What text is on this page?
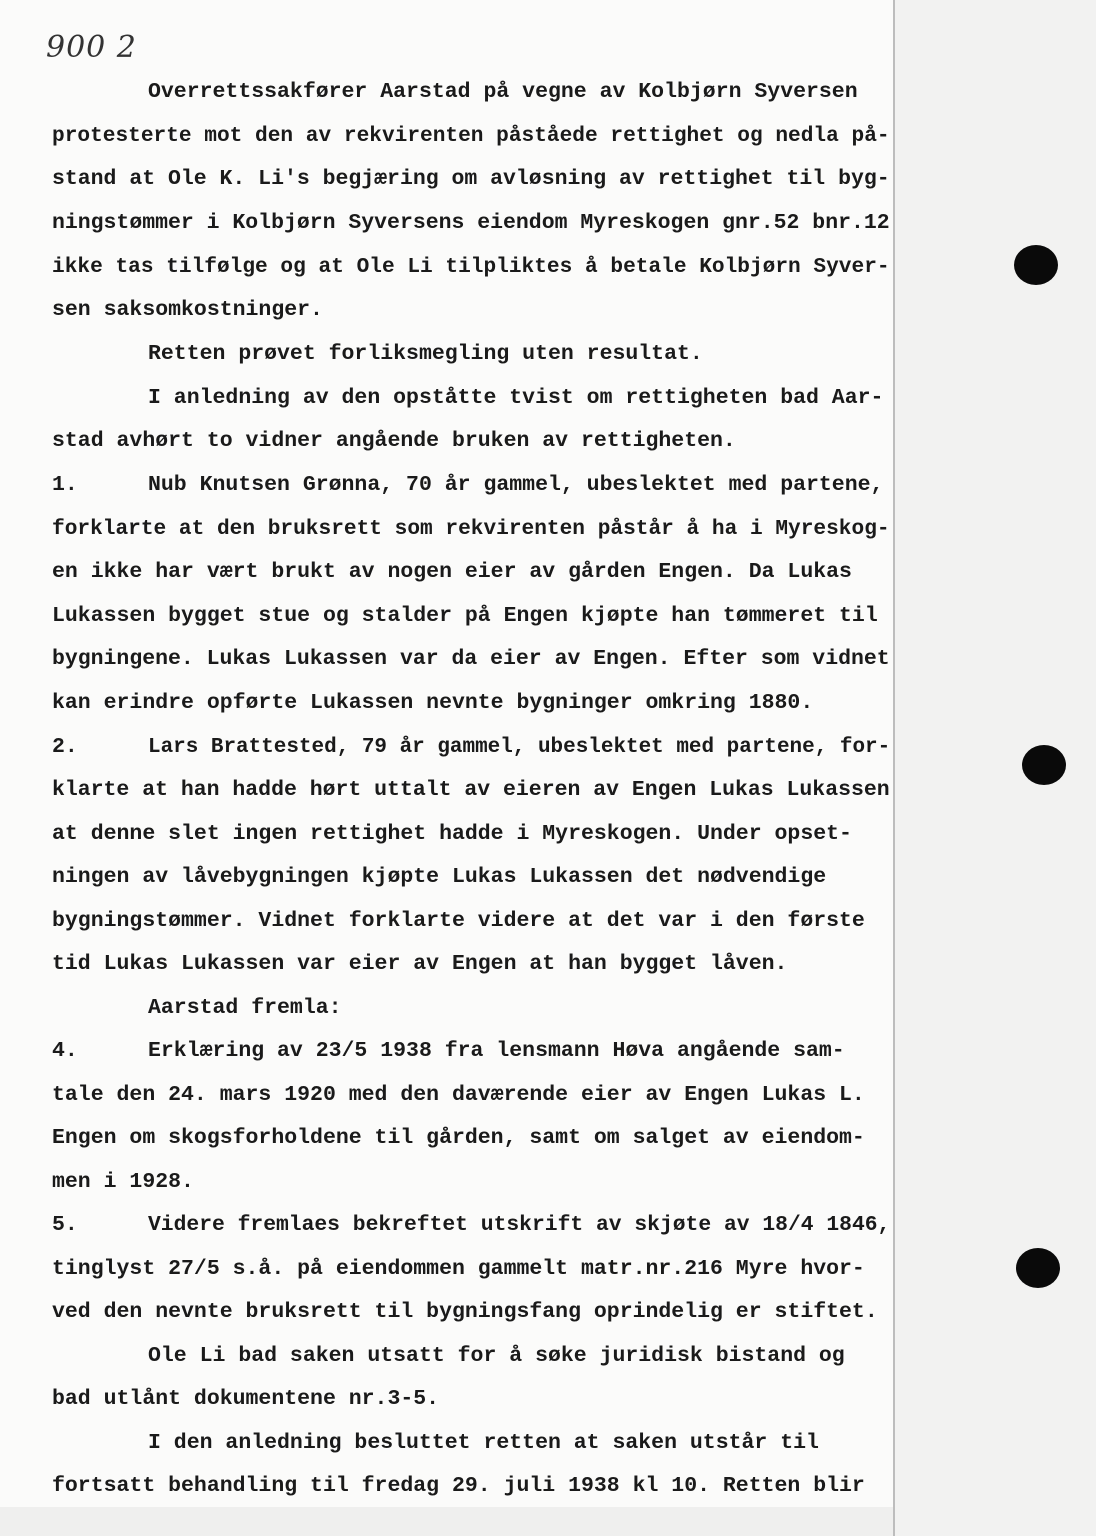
900 2
Overrettssakfører Aarstad på vegne av Kolbjørn Syversen
protesterte mot den av rekvirenten påståede rettighet og nedla på-
stand at Ole K. Li's begjæring om avløsning av rettighet til byg-
ningstømmer i Kolbjørn Syversens eiendom Myreskogen gnr.52 bnr.12
ikke tas tilfølge og at Ole Li tilpliktes å betale Kolbjørn Syver-
sen saksomkostninger.
Retten prøvet forliksmegling uten resultat.
I anledning av den opståtte tvist om rettigheten bad Aar-
stad avhørt to vidner angående bruken av rettigheten.
Nub Knutsen Grønna, 70 år gammel, ubeslektet med partene,
forklarte at den bruksrett som rekvirenten påstår å ha i Myreskog-
en ikke har vært brukt av nogen eier av gården Engen. Da Lukas
Lukassen bygget stue og stalder på Engen kjøpte han tømmeret til
bygningene. Lukas Lukassen var da eier av Engen. Efter som vidnet
kan erindre opførte Lukassen nevnte bygninger omkring 1880.
Lars Brattested, 79 år gammel, ubeslektet med partene, for-
klarte at han hadde hørt uttalt av eieren av Engen Lukas Lukassen
at denne slet ingen rettighet hadde i Myreskogen. Under opset-
ningen av låvebygningen kjøpte Lukas Lukassen det nødvendige
bygningstømmer. Vidnet forklarte videre at det var i den første
tid Lukas Lukassen var eier av Engen at han bygget låven.
Aarstad fremla:
Erklæring av 23/5 1938 fra lensmann Høva angående sam-
tale den 24. mars 1920 med den daværende eier av Engen Lukas L.
Engen om skogsforholdene til gården, samt om salget av eiendom-
men i 1928.
Videre fremlaes bekreftet utskrift av skjøte av 18/4 1846,
tinglyst 27/5 s.å. på eiendommen gammelt matr.nr.216 Myre hvor-
ved den nevnte bruksrett til bygningsfang oprindelig er stiftet.
Ole Li bad saken utsatt for å søke juridisk bistand og
bad utlånt dokumentene nr.3-5.
I den anledning besluttet retten at saken utstår til
fortsatt behandling til fredag 29. juli 1938 kl 10. Retten blir
1.
2.
4.
5.
